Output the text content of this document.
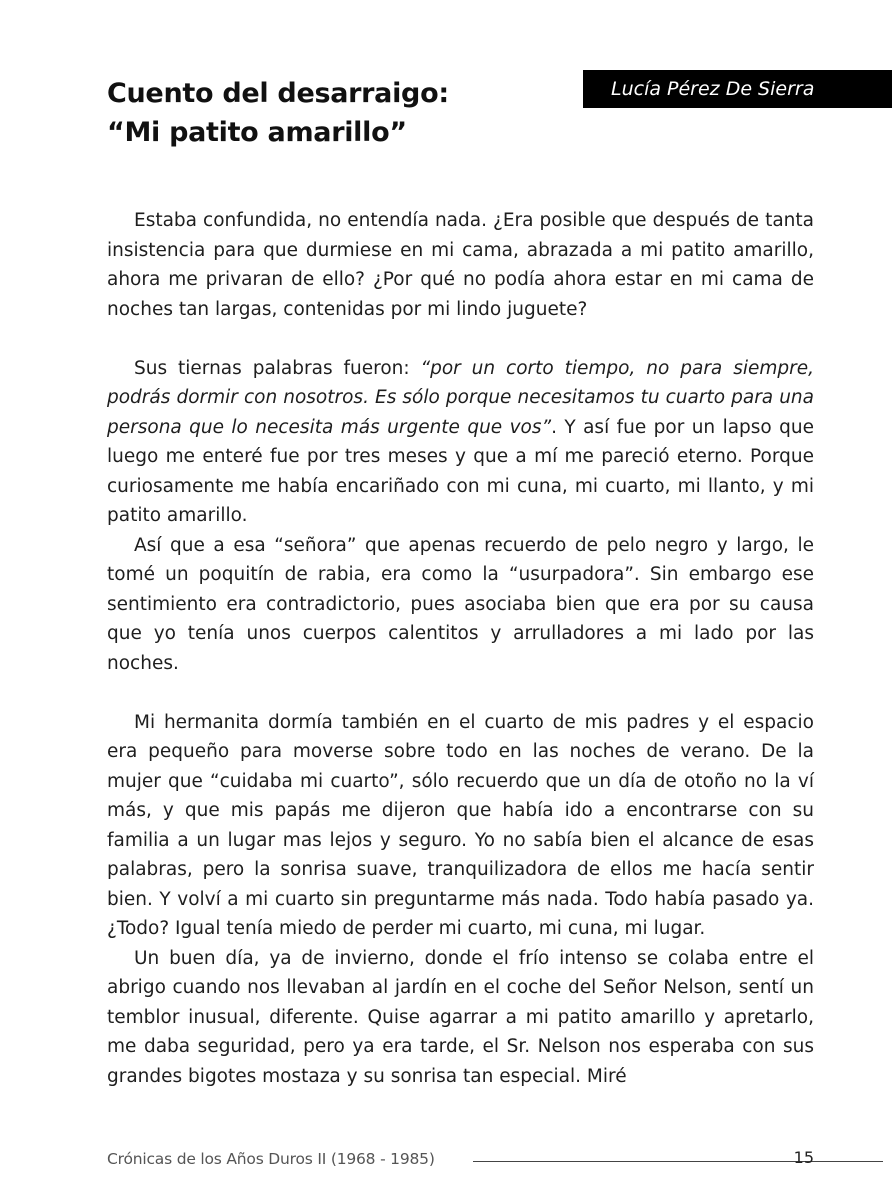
Cuento del desarraigo:
“Mi patito amarillo”
Lucía Pérez De Sierra

Estaba confundida, no entendía nada. ¿Era posible que después de tanta insistencia para que durmiese en mi cama, abrazada a mi patito amarillo, ahora me privaran de ello? ¿Por qué no podía ahora estar en mi cama de noches tan largas, contenidas por mi lindo juguete?

Sus tiernas palabras fueron: “por un corto tiempo, no para siempre, podrás dormir con nosotros. Es sólo porque necesitamos tu cuarto para una persona que lo necesita más urgente que vos”. Y así fue por un lapso que luego me enteré fue por tres meses y que a mí me pareció eterno. Porque curiosamente me había encariñado con mi cuna, mi cuarto, mi llanto, y mi patito amarillo.

Así que a esa “señora” que apenas recuerdo de pelo negro y largo, le tomé un poquitín de rabia, era como la “usurpadora”. Sin embargo ese sentimiento era contradictorio, pues asociaba bien que era por su causa que yo tenía unos cuerpos calentitos y arrulladores a mi lado por las noches.

Mi hermanita dormía también en el cuarto de mis padres y el espacio era pequeño para moverse sobre todo en las noches de verano. De la mujer que “cuidaba mi cuarto”, sólo recuerdo que un día de otoño no la ví más, y que mis papás me dijeron que había ido a encontrarse con su familia a un lugar mas lejos y seguro. Yo no sabía bien el alcance de esas palabras, pero la sonrisa suave, tranquilizadora de ellos me hacía sentir bien. Y volví a mi cuarto sin preguntarme más nada. Todo había pasado ya. ¿Todo? Igual tenía miedo de perder mi cuarto, mi cuna, mi lugar.

Un buen día, ya de invierno, donde el frío intenso se colaba entre el abrigo cuando nos llevaban al jardín en el coche del Señor Nelson, sentí un temblor inusual, diferente. Quise agarrar a mi patito amarillo y apretarlo, me daba seguridad, pero ya era tarde, el Sr. Nelson nos esperaba con sus grandes bigotes mostaza y su sonrisa tan especial. Miré

Crónicas de los Años Duros II (1968 - 1985)	15
